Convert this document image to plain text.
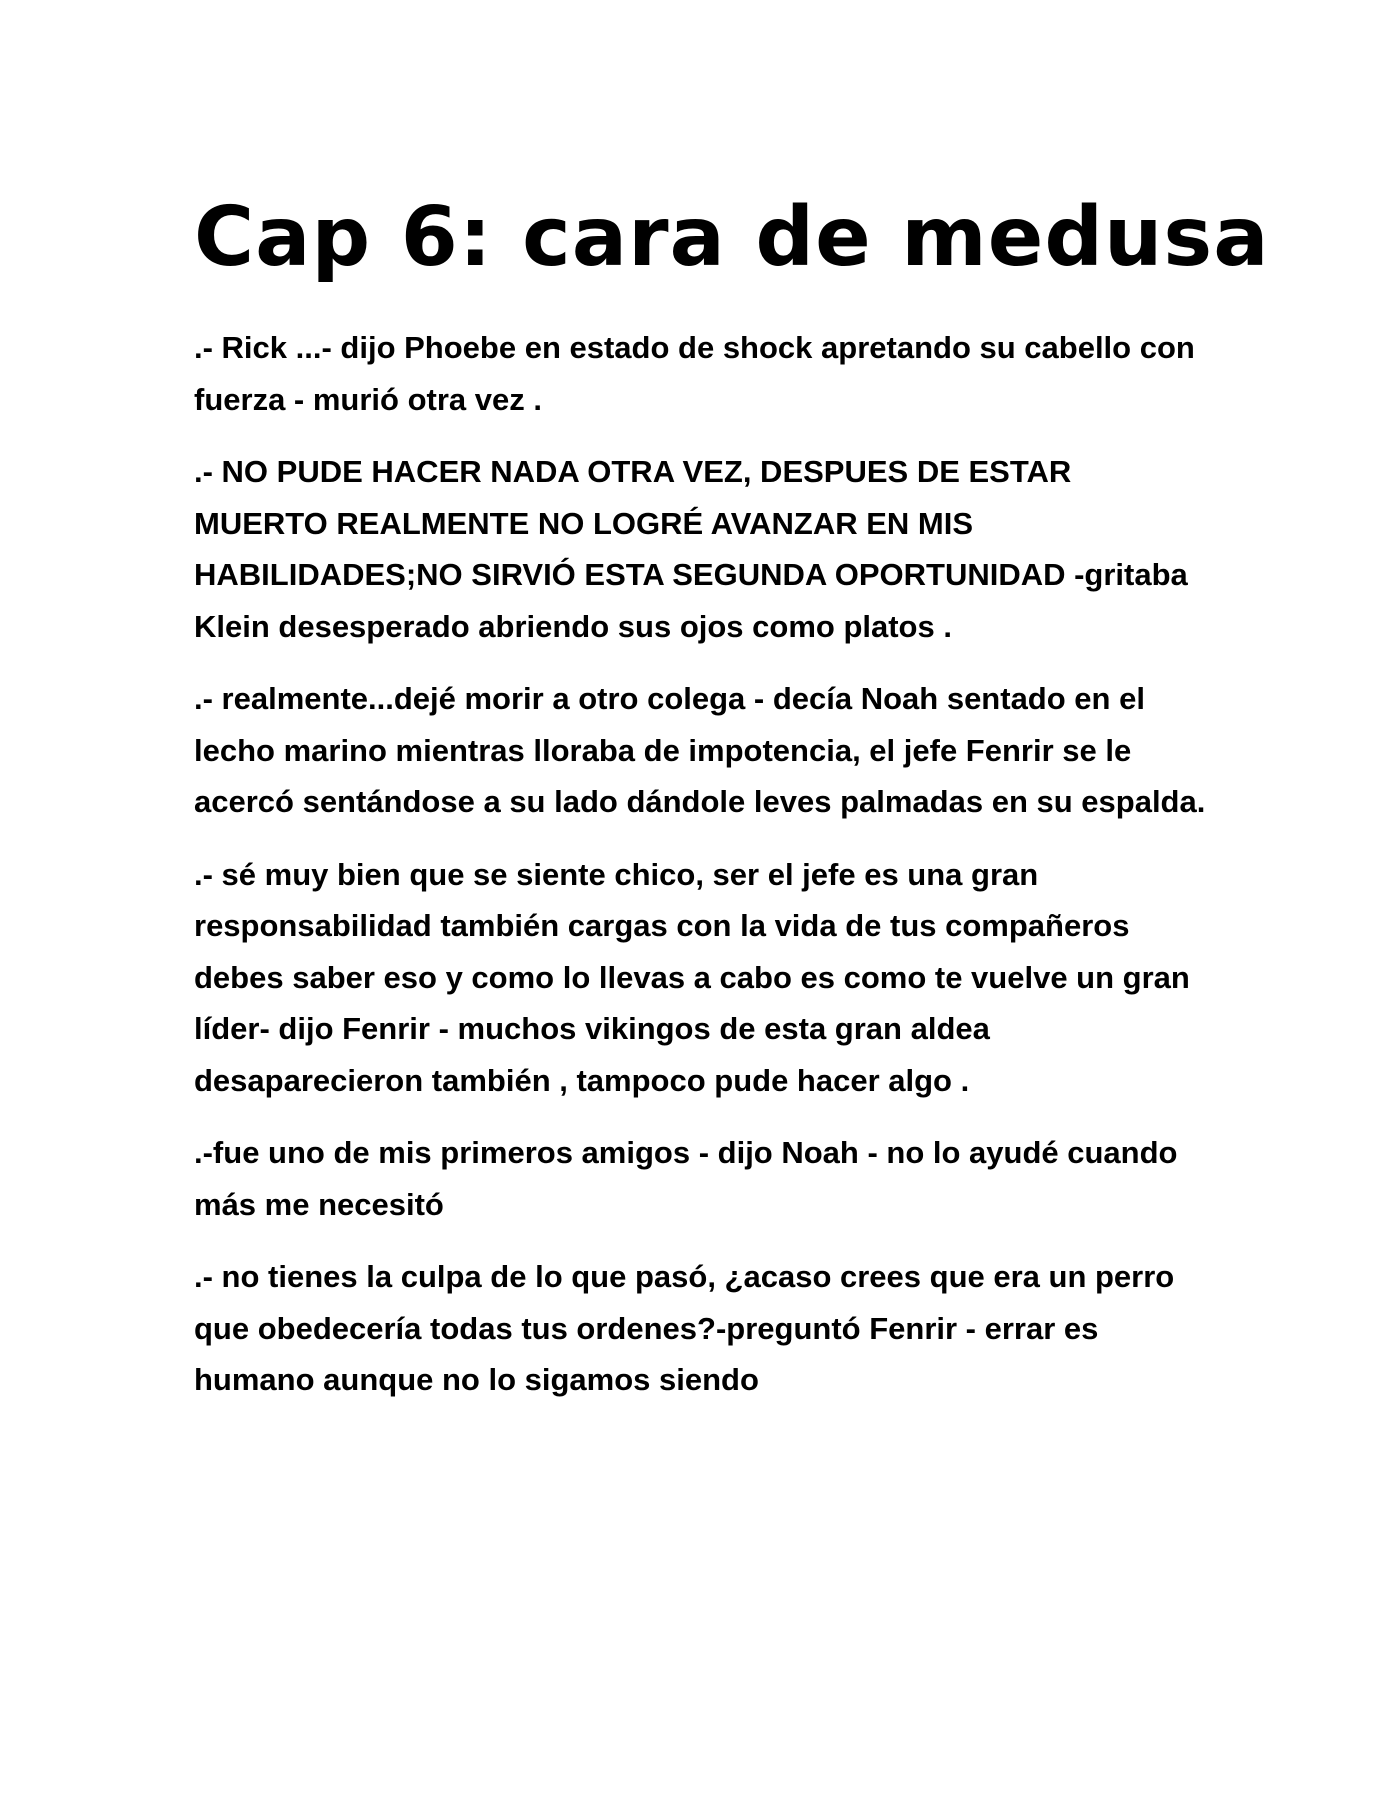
Cap 6: cara de medusa

.- Rick ...- dijo Phoebe en estado de shock apretando su cabello con fuerza - murió otra vez .

.- NO PUDE HACER NADA OTRA VEZ, DESPUES DE ESTAR MUERTO REALMENTE NO LOGRÉ AVANZAR EN MIS HABILIDADES;NO SIRVIÓ ESTA SEGUNDA OPORTUNIDAD -gritaba Klein desesperado abriendo sus ojos como platos .

.- realmente...dejé morir a otro colega - decía Noah sentado en el lecho marino mientras lloraba de impotencia, el jefe Fenrir se le acercó sentándose a su lado dándole leves palmadas en su espalda.

.- sé muy bien que se siente chico, ser el jefe es una gran responsabilidad también cargas con la vida de tus compañeros debes saber eso y como lo llevas a cabo es como te vuelve un gran líder- dijo Fenrir - muchos vikingos de esta gran aldea desaparecieron también , tampoco pude hacer algo .

.-fue uno de mis primeros amigos - dijo Noah - no lo ayudé cuando más me necesitó

.- no tienes la culpa de lo que pasó, ¿acaso crees que era un perro que obedecería todas tus ordenes?-preguntó Fenrir - errar es humano aunque no lo sigamos siendo
